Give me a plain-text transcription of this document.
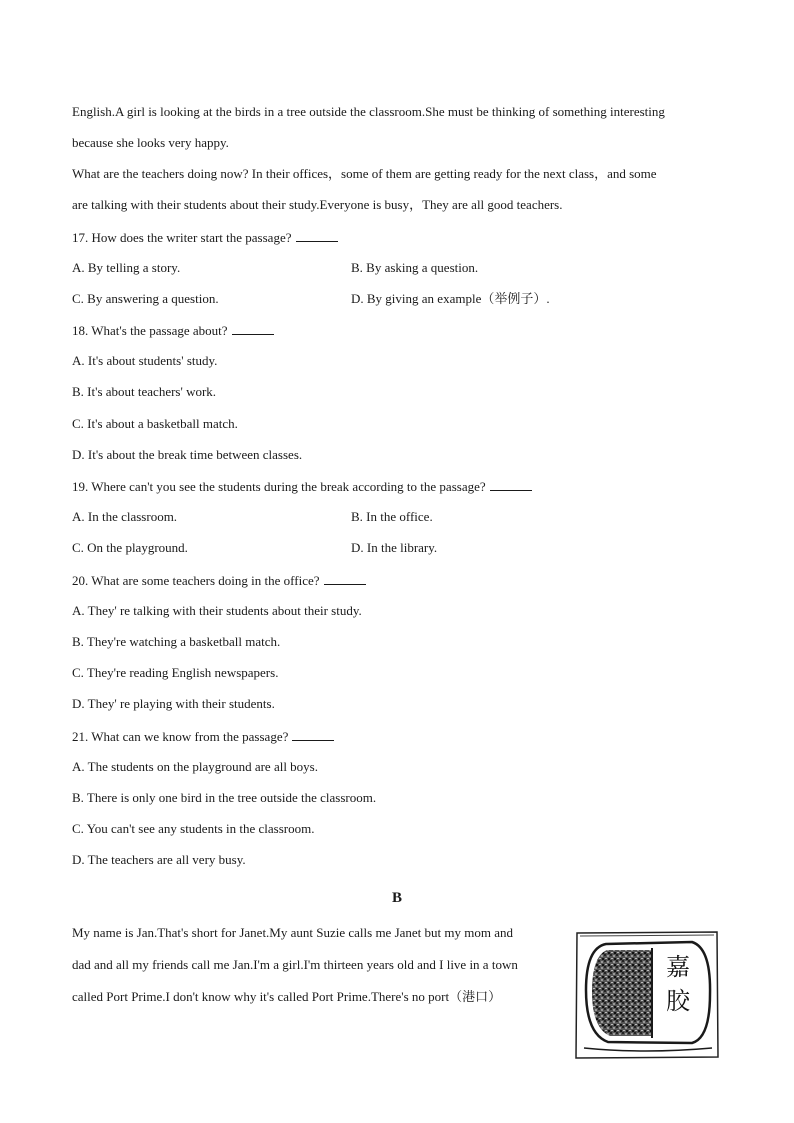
English.A girl is looking at the birds in a tree outside the classroom.She must be thinking of something interesting
because she looks very happy.
What are the teachers doing now? In their offices，some of them are getting ready for the next class，and some
are talking with their students about their study.Everyone is busy，They are all good teachers.
17. How does the writer start the passage?
A. By telling a story.	B. By asking a question.
C. By answering a question.	D. By giving an example（举例子）.
18. What's the passage about?
A. It's about students' study.
B. It's about teachers' work.
C. It's about a basketball match.
D. It's about the break time between classes.
19. Where can't you see the students during the break according to the passage?
A. In the classroom.	B. In the office.
C. On the playground.	D. In the library.
20. What are some teachers doing in the office?
A. They' re talking with their students about their study.
B. They're watching a basketball match.
C. They're reading English newspapers.
D. They' re playing with their students.
21. What can we know from the passage?
A. The students on the playground are all boys.
B. There is only one bird in the tree outside the classroom.
C. You can't see any students in the classroom.
D. The teachers are all very busy.
B
My name is Jan.That's short for Janet.My aunt Suzie calls me Janet but my mom and
dad and all my friends call me Jan.I'm a girl.I'm thirteen years old and I live in a town
called Port Prime.I don't know why it's called Port Prime.There's no port（港口）
嘉 胶
